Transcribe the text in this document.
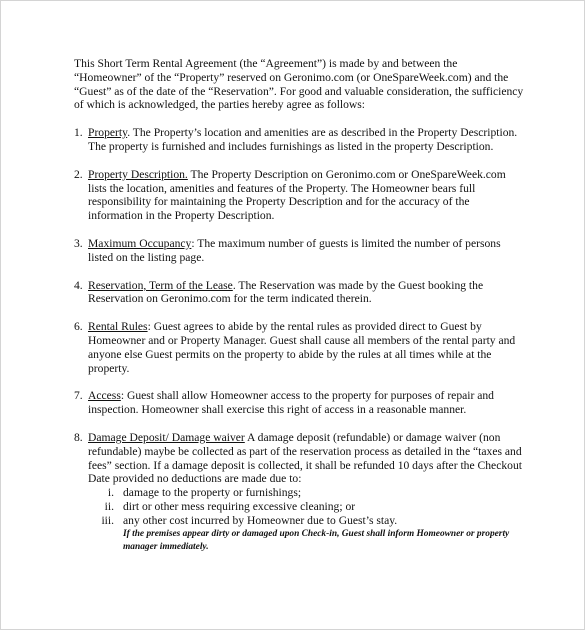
This Short Term Rental Agreement (the “Agreement”) is made by and between the “Homeowner” of the “Property” reserved on Geronimo.com (or OneSpareWeek.com) and the “Guest” as of the date of the “Reservation”. For good and valuable consideration, the sufficiency of which is acknowledged, the parties hereby agree as follows:

1. Property. The Property’s location and amenities are as described in the Property Description. The property is furnished and includes furnishings as listed in the property Description.
2. Property Description. The Property Description on Geronimo.com or OneSpareWeek.com lists the location, amenities and features of the Property. The Homeowner bears full responsibility for maintaining the Property Description and for the accuracy of the information in the Property Description.
3. Maximum Occupancy: The maximum number of guests is limited the number of persons listed on the listing page.
4. Reservation, Term of the Lease. The Reservation was made by the Guest booking the Reservation on Geronimo.com for the term indicated therein.
6. Rental Rules: Guest agrees to abide by the rental rules as provided direct to Guest by Homeowner and or Property Manager. Guest shall cause all members of the rental party and anyone else Guest permits on the property to abide by the rules at all times while at the property.
7. Access: Guest shall allow Homeowner access to the property for purposes of repair and inspection. Homeowner shall exercise this right of access in a reasonable manner.
8. Damage Deposit/ Damage waiver A damage deposit (refundable) or damage waiver (non refundable) maybe be collected as part of the reservation process as detailed in the “taxes and fees” section. If a damage deposit is collected, it shall be refunded 10 days after the Checkout Date provided no deductions are made due to:

i. damage to the property or furnishings;

ii. dirt or other mess requiring excessive cleaning; or

iii. any other cost incurred by Homeowner due to Guest’s stay.

If the premises appear dirty or damaged upon Check-in, Guest shall inform Homeowner or property manager immediately.
